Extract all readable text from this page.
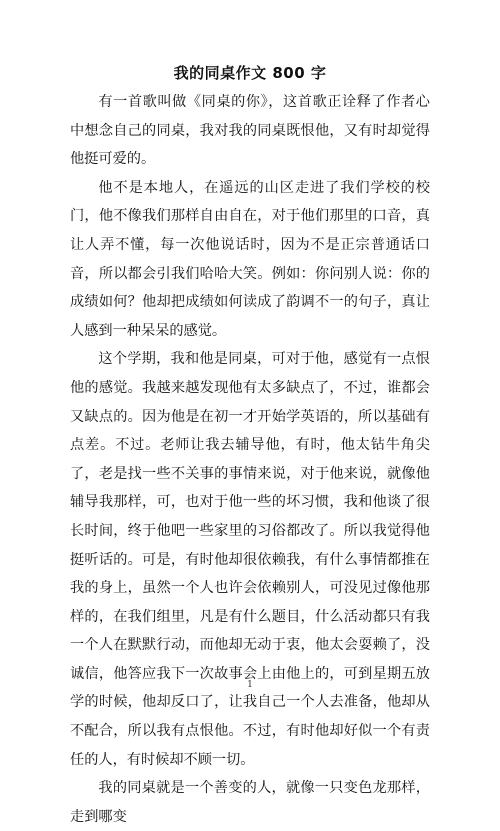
我的同桌作文 800 字

有一首歌叫做《同桌的你》，这首歌正诠释了作者心中想念自己的同桌，我对我的同桌既恨他，又有时却觉得他挺可爱的。

他不是本地人，在遥远的山区走进了我们学校的校门，他不像我们那样自由自在，对于他们那里的口音，真让人弄不懂，每一次他说话时，因为不是正宗普通话口音，所以都会引我们哈哈大笑。例如：你问别人说：你的成绩如何？他却把成绩如何读成了韵调不一的句子，真让人感到一种呆呆的感觉。

这个学期，我和他是同桌，可对于他，感觉有一点恨他的感觉。我越来越发现他有太多缺点了，不过，谁都会又缺点的。因为他是在初一才开始学英语的，所以基础有点差。不过。老师让我去辅导他，有时，他太钻牛角尖了，老是找一些不关事的事情来说，对于他来说，就像他辅导我那样，可，也对于他一些的坏习惯，我和他谈了很长时间，终于他吧一些家里的习俗都改了。所以我觉得他挺听话的。可是，有时他却很依赖我，有什么事情都推在我的身上，虽然一个人也许会依赖别人，可没见过像他那样的，在我们组里，凡是有什么题目，什么活动都只有我一个人在默默行动，而他却无动于衷，他太会耍赖了，没诚信，他答应我下一次故事会上由他上的，可到星期五放学的时候，他却反口了，让我自己一个人去准备，他却从不配合，所以我有点恨他。不过，有时他却好似一个有责任的人，有时候却不顾一切。

我的同桌就是一个善变的人，就像一只变色龙那样，走到哪变

1
